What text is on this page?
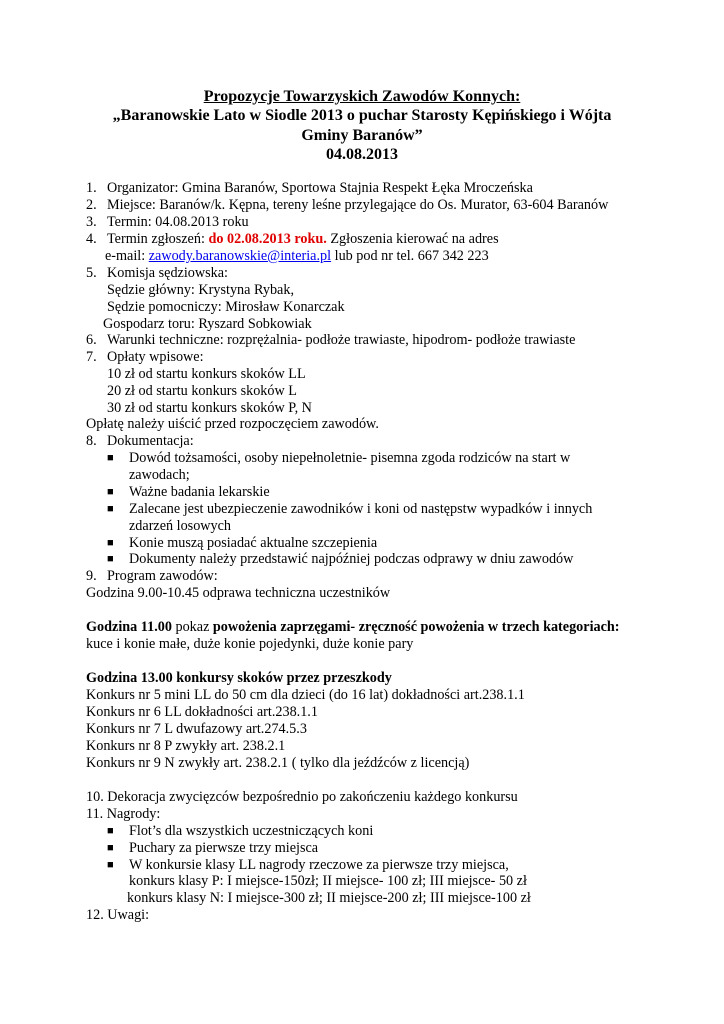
Propozycje Towarzyskich Zawodów Konnych:
„Baranowskie Lato w Siodle 2013 o puchar Starosty Kępińskiego i Wójta
Gminy Baranów”
04.08.2013
1. Organizator: Gmina Baranów, Sportowa Stajnia Respekt Łęka Mroczeńska
2. Miejsce: Baranów/k. Kępna, tereny leśne przylegające do Os. Murator, 63-604 Baranów
3. Termin: 04.08.2013 roku
4. Termin zgłoszeń: do 02.08.2013 roku. Zgłoszenia kierować na adres
e-mail: zawody.baranowskie@interia.pl lub pod nr tel. 667 342 223
5. Komisja sędziowska:
Sędzie główny: Krystyna Rybak,
Sędzie pomocniczy: Mirosław Konarczak
Gospodarz toru: Ryszard Sobkowiak
6. Warunki techniczne: rozprężalnia- podłoże trawiaste, hipodrom- podłoże trawiaste
7. Opłaty wpisowe:
10 zł od startu konkurs skoków LL
20 zł od startu konkurs skoków L
30 zł od startu konkurs skoków P, N
Opłatę należy uiścić przed rozpoczęciem zawodów.
8. Dokumentacja:
■ Dowód tożsamości, osoby niepełnoletnie- pisemna zgoda rodziców na start w
zawodach;
■ Ważne badania lekarskie
■ Zalecane jest ubezpieczenie zawodników i koni od następstw wypadków i innych
zdarzeń losowych
■ Konie muszą posiadać aktualne szczepienia
■ Dokumenty należy przedstawić najpóźniej podczas odprawy w dniu zawodów
9. Program zawodów:
Godzina 9.00-10.45 odprawa techniczna uczestników
Godzina 11.00 pokaz powożenia zaprzęgami- zręczność powożenia w trzech kategoriach:
kuce i konie małe, duże konie pojedynki, duże konie pary
Godzina 13.00 konkursy skoków przez przeszkody
Konkurs nr 5 mini LL do 50 cm dla dzieci (do 16 lat) dokładności art.238.1.1
Konkurs nr 6 LL dokładności art.238.1.1
Konkurs nr 7 L dwufazowy art.274.5.3
Konkurs nr 8 P zwykły art. 238.2.1
Konkurs nr 9 N zwykły art. 238.2.1 ( tylko dla jeźdźców z licencją)
10. Dekoracja zwycięzców bezpośrednio po zakończeniu każdego konkursu
11. Nagrody:
■ Flot’s dla wszystkich uczestniczących koni
■ Puchary za pierwsze trzy miejsca
■ W konkursie klasy LL nagrody rzeczowe za pierwsze trzy miejsca,
konkurs klasy P: I miejsce-150zł; II miejsce- 100 zł; III miejsce- 50 zł
konkurs klasy N: I miejsce-300 zł; II miejsce-200 zł; III miejsce-100 zł
12. Uwagi:
